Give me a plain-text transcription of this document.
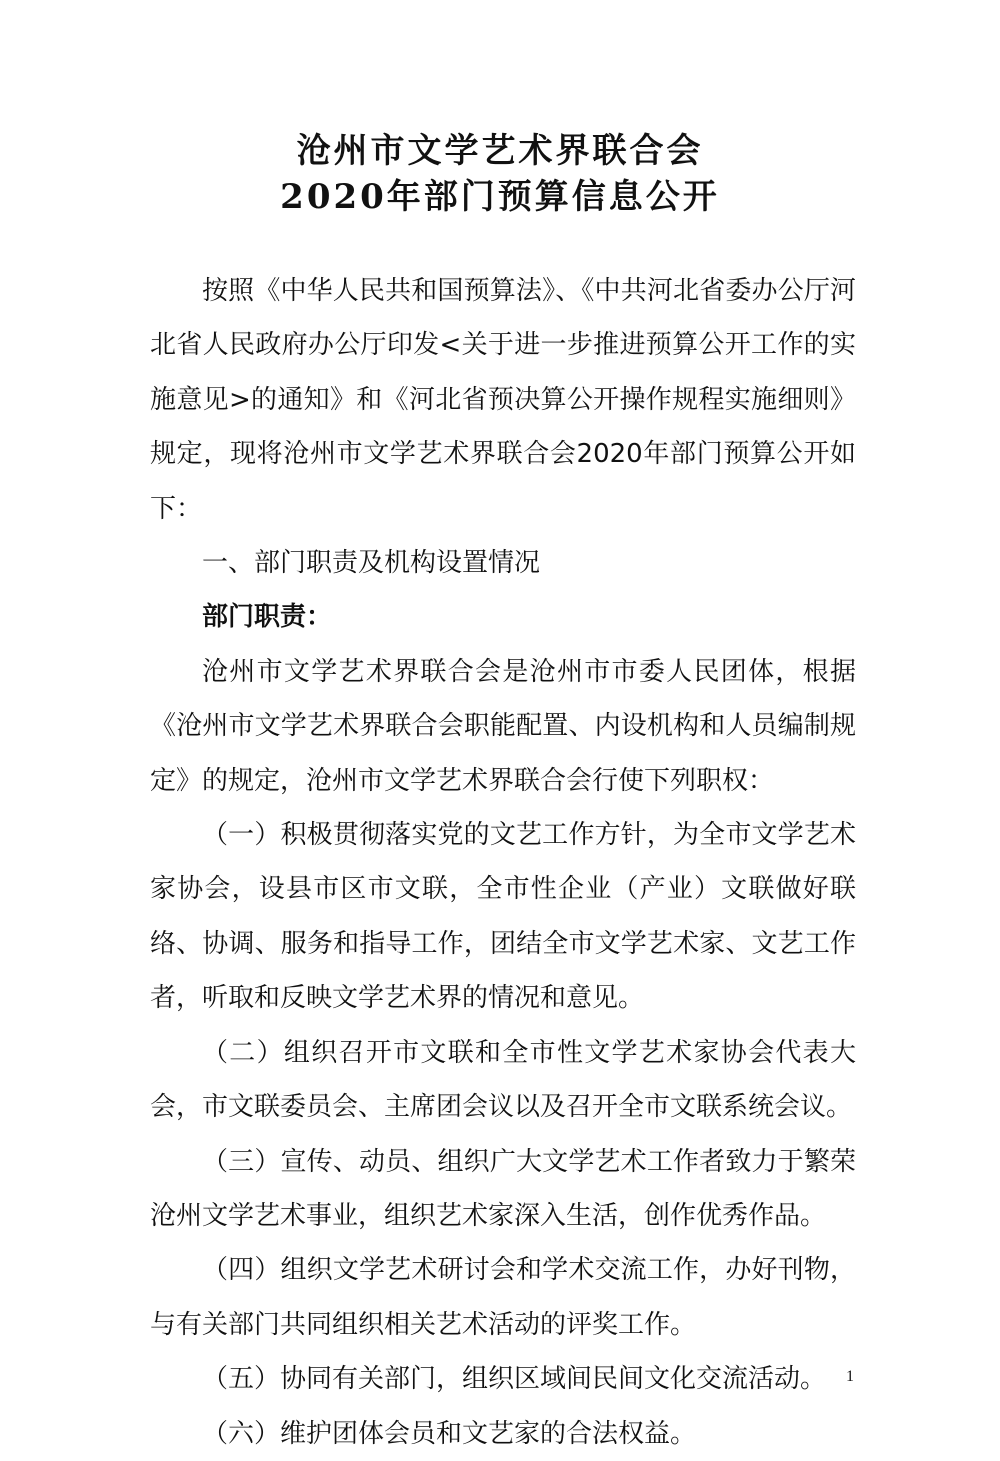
沧州市文学艺术界联合会
2020年部门预算信息公开

按照《中华人民共和国预算法》、《中共河北省委办公厅河北省人民政府办公厅印发<关于进一步推进预算公开工作的实施意见>的通知》和《河北省预决算公开操作规程实施细则》规定，现将沧州市文学艺术界联合会2020年部门预算公开如下：

一、部门职责及机构设置情况

部门职责：

沧州市文学艺术界联合会是沧州市市委人民团体，根据《沧州市文学艺术界联合会职能配置、内设机构和人员编制规定》的规定，沧州市文学艺术界联合会行使下列职权：

（一）积极贯彻落实党的文艺工作方针，为全市文学艺术家协会，设县市区市文联，全市性企业（产业）文联做好联络、协调、服务和指导工作，团结全市文学艺术家、文艺工作者，听取和反映文学艺术界的情况和意见。

（二）组织召开市文联和全市性文学艺术家协会代表大会，市文联委员会、主席团会议以及召开全市文联系统会议。

（三）宣传、动员、组织广大文学艺术工作者致力于繁荣沧州文学艺术事业，组织艺术家深入生活，创作优秀作品。

（四）组织文学艺术研讨会和学术交流工作，办好刊物，与有关部门共同组织相关艺术活动的评奖工作。

（五）协同有关部门，组织区域间民间文化交流活动。

（六）维护团体会员和文艺家的合法权益。

1
